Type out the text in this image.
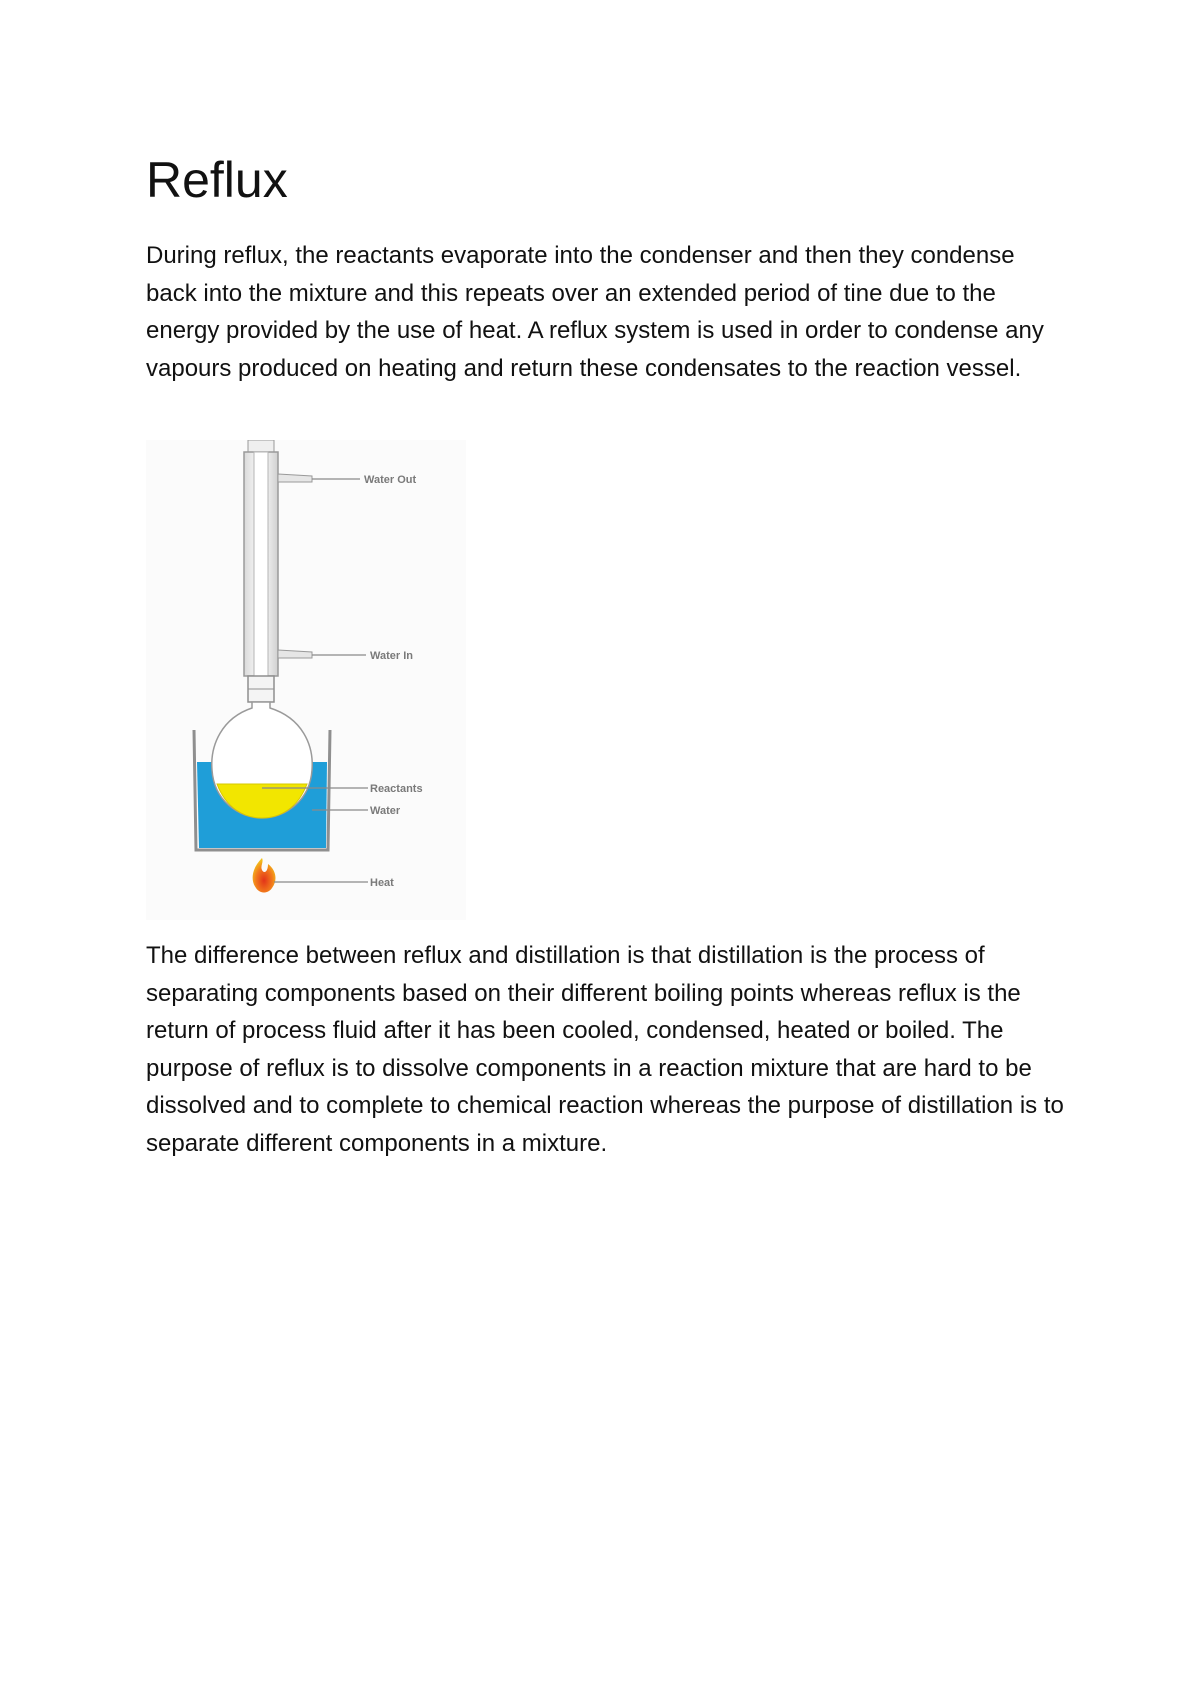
Reflux

During reflux, the reactants evaporate into the condenser and then they condense back into the mixture and this repeats over an extended period of tine due to the energy provided by the use of heat. A reflux system is used in order to condense any vapours produced on heating and return these condensates to the reaction vessel.

Water Out
Water In
Reactants
Water
Heat

The difference between reflux and distillation is that distillation is the process of separating components based on their different boiling points whereas reflux is the return of process fluid after it has been cooled, condensed, heated or boiled. The purpose of reflux is to dissolve components in a reaction mixture that are hard to be dissolved and to complete to chemical reaction whereas the purpose of distillation is to separate different components in a mixture.
